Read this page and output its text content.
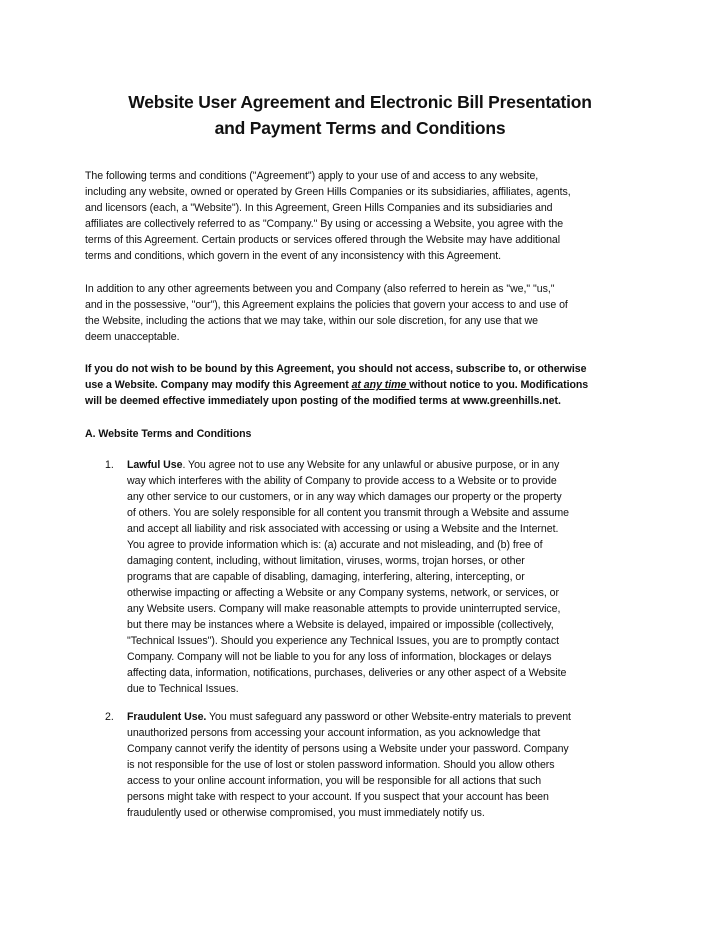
Website User Agreement and Electronic Bill Presentation
and Payment Terms and Conditions
The following terms and conditions ("Agreement") apply to your use of and access to any website,
including any website, owned or operated by Green Hills Companies or its subsidiaries, affiliates, agents,
and licensors (each, a "Website"). In this Agreement, Green Hills Companies and its subsidiaries and
affiliates are collectively referred to as "Company." By using or accessing a Website, you agree with the
terms of this Agreement. Certain products or services offered through the Website may have additional
terms and conditions, which govern in the event of any inconsistency with this Agreement.
In addition to any other agreements between you and Company (also referred to herein as "we," "us,"
and in the possessive, "our"), this Agreement explains the policies that govern your access to and use of
the Website, including the actions that we may take, within our sole discretion, for any use that we
deem unacceptable.
If you do not wish to be bound by this Agreement, you should not access, subscribe to, or otherwise
use a Website. Company may modify this Agreement at any time without notice to you. Modifications
will be deemed effective immediately upon posting of the modified terms at www.greenhills.net.
A. Website Terms and Conditions
1. Lawful Use. You agree not to use any Website for any unlawful or abusive purpose, or in any
way which interferes with the ability of Company to provide access to a Website or to provide
any other service to our customers, or in any way which damages our property or the property
of others. You are solely responsible for all content you transmit through a Website and assume
and accept all liability and risk associated with accessing or using a Website and the Internet.
You agree to provide information which is: (a) accurate and not misleading, and (b) free of
damaging content, including, without limitation, viruses, worms, trojan horses, or other
programs that are capable of disabling, damaging, interfering, altering, intercepting, or
otherwise impacting or affecting a Website or any Company systems, network, or services, or
any Website users. Company will make reasonable attempts to provide uninterrupted service,
but there may be instances where a Website is delayed, impaired or impossible (collectively,
"Technical Issues"). Should you experience any Technical Issues, you are to promptly contact
Company. Company will not be liable to you for any loss of information, blockages or delays
affecting data, information, notifications, purchases, deliveries or any other aspect of a Website
due to Technical Issues.
2. Fraudulent Use. You must safeguard any password or other Website-entry materials to prevent
unauthorized persons from accessing your account information, as you acknowledge that
Company cannot verify the identity of persons using a Website under your password. Company
is not responsible for the use of lost or stolen password information. Should you allow others
access to your online account information, you will be responsible for all actions that such
persons might take with respect to your account. If you suspect that your account has been
fraudulently used or otherwise compromised, you must immediately notify us.
